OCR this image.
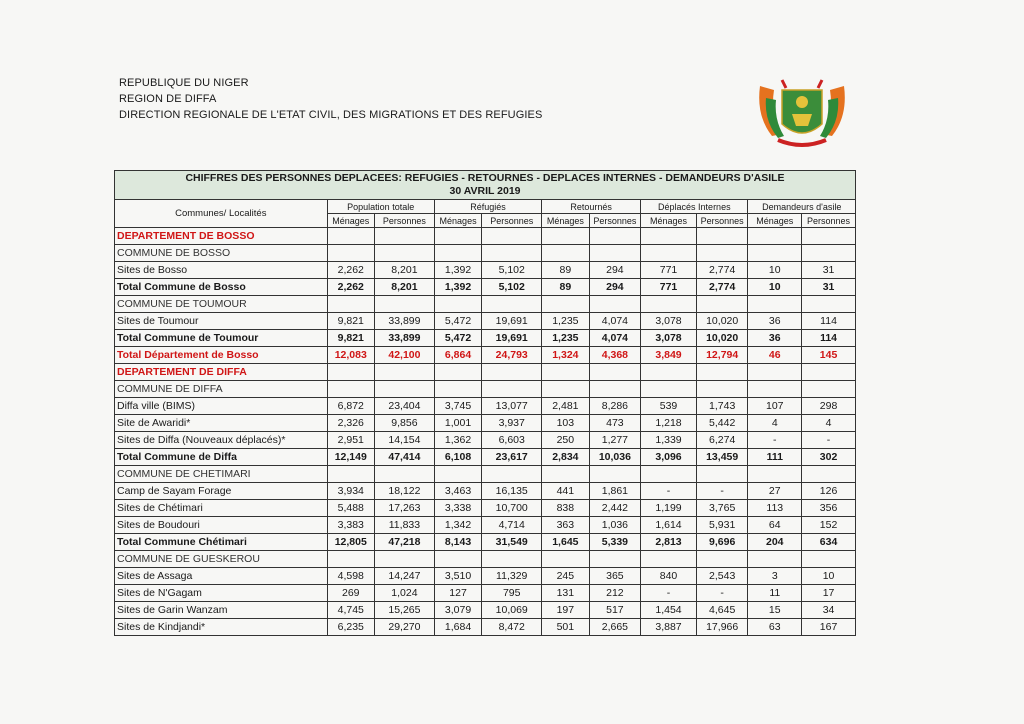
REPUBLIQUE DU NIGER
REGION DE DIFFA
DIRECTION REGIONALE DE L'ETAT CIVIL, DES MIGRATIONS ET DES REFUGIES
CHIFFRES DES PERSONNES DEPLACEES: REFUGIES - RETOURNES - DEPLACES INTERNES - DEMANDEURS D'ASILE
30 AVRIL 2019										

Communes/ Localités	Population totale		Réfugiés		Retournés		Déplacés Internes		Demandeurs d'asile	
	Ménages	Personnes	Ménages	Personnes	Ménages	Personnes	Ménages	Personnes	Ménages	Personnes
DEPARTEMENT DE BOSSO										
COMMUNE DE BOSSO										
Sites de Bosso	2,262	8,201	1,392	5,102	89	294	771	2,774	10	31
Total Commune de Bosso	2,262	8,201	1,392	5,102	89	294	771	2,774	10	31
COMMUNE DE TOUMOUR										
Sites de Toumour	9,821	33,899	5,472	19,691	1,235	4,074	3,078	10,020	36	114
Total Commune de Toumour	9,821	33,899	5,472	19,691	1,235	4,074	3,078	10,020	36	114
Total Département de Bosso	12,083	42,100	6,864	24,793	1,324	4,368	3,849	12,794	46	145
DEPARTEMENT DE DIFFA										
COMMUNE DE DIFFA										
Diffa ville (BIMS)	6,872	23,404	3,745	13,077	2,481	8,286	539	1,743	107	298
Site de Awaridi*	2,326	9,856	1,001	3,937	103	473	1,218	5,442	4	4
Sites de Diffa (Nouveaux déplacés)*	2,951	14,154	1,362	6,603	250	1,277	1,339	6,274	-	-
Total Commune de Diffa	12,149	47,414	6,108	23,617	2,834	10,036	3,096	13,459	111	302
COMMUNE DE CHETIMARI										
Camp de Sayam Forage	3,934	18,122	3,463	16,135	441	1,861	-	-	27	126
Sites de Chétimari	5,488	17,263	3,338	10,700	838	2,442	1,199	3,765	113	356
Sites de Boudouri	3,383	11,833	1,342	4,714	363	1,036	1,614	5,931	64	152
Total Commune Chétimari	12,805	47,218	8,143	31,549	1,645	5,339	2,813	9,696	204	634
COMMUNE DE GUESKEROU										
Sites de Assaga	4,598	14,247	3,510	11,329	245	365	840	2,543	3	10
Sites de N'Gagam	269	1,024	127	795	131	212	-	-	11	17
Sites de Garin Wanzam	4,745	15,265	3,079	10,069	197	517	1,454	4,645	15	34
Sites de Kindjandi*	6,235	29,270	1,684	8,472	501	2,665	3,887	17,966	63	167
